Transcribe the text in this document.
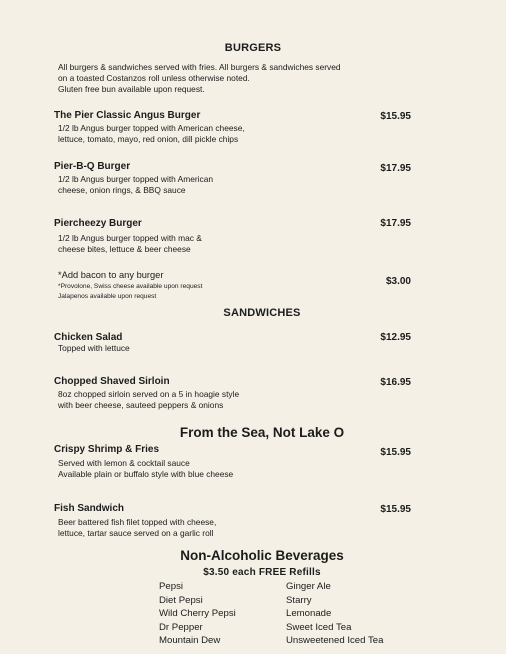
BURGERS
All burgers & sandwiches served with fries. All burgers & sandwiches served
on a toasted Costanzos roll unless otherwise noted.
Gluten free bun available upon request.
The Pier Classic Angus Burger	$15.95
1/2 lb Angus burger topped with American cheese,
lettuce, tomato, mayo, red onion, dill pickle chips
Pier-B-Q Burger	$17.95
1/2 lb Angus burger topped with American
cheese, onion rings, & BBQ sauce
Piercheezy Burger	$17.95
1/2 lb Angus burger topped with mac &
cheese bites, lettuce & beer cheese
*Add bacon to any burger
$3.00
*Provolone, Swiss cheese available upon request
Jalapenos available upon request
SANDWICHES
Chicken Salad	$12.95
Topped with lettuce
Chopped Shaved Sirloin	$16.95
8oz chopped sirloin served on a 5 in hoagie style
with beer cheese, sauteed peppers & onions
From the Sea, Not Lake O
Crispy Shrimp & Fries	$15.95
Served with lemon & cocktail sauce
Available plain or buffalo style with blue cheese
Fish Sandwich	$15.95
Beer battered fish filet topped with cheese,
lettuce, tartar sauce served on a garlic roll
Non-Alcoholic Beverages
$3.50 each FREE Refills
Pepsi
Diet Pepsi
Wild Cherry Pepsi
Dr Pepper
Mountain Dew
Ginger Ale
Starry
Lemonade
Sweet Iced Tea
Unsweetened Iced Tea
